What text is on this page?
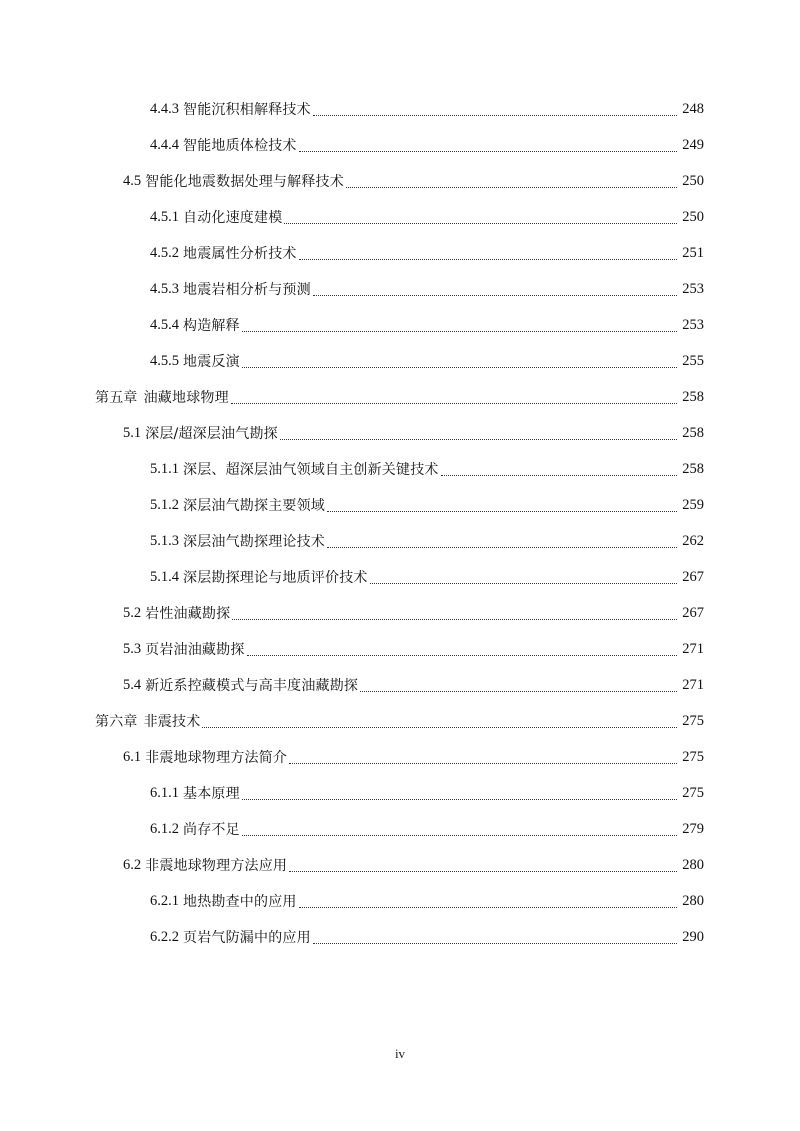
4.4.3 智能沉积相解释技术	248
4.4.4 智能地质体检技术	249
4.5 智能化地震数据处理与解释技术	250
4.5.1 自动化速度建模	250
4.5.2 地震属性分析技术	251
4.5.3 地震岩相分析与预测	253
4.5.4 构造解释	253
4.5.5 地震反演	255
第五章 油藏地球物理	258
5.1 深层/超深层油气勘探	258
5.1.1 深层、超深层油气领域自主创新关键技术	258
5.1.2 深层油气勘探主要领域	259
5.1.3 深层油气勘探理论技术	262
5.1.4 深层勘探理论与地质评价技术	267
5.2 岩性油藏勘探	267
5.3 页岩油油藏勘探	271
5.4 新近系控藏模式与高丰度油藏勘探	271
第六章 非震技术	275
6.1 非震地球物理方法简介	275
6.1.1 基本原理	275
6.1.2 尚存不足	279
6.2 非震地球物理方法应用	280
6.2.1 地热勘查中的应用	280
6.2.2 页岩气防漏中的应用	290
iv
